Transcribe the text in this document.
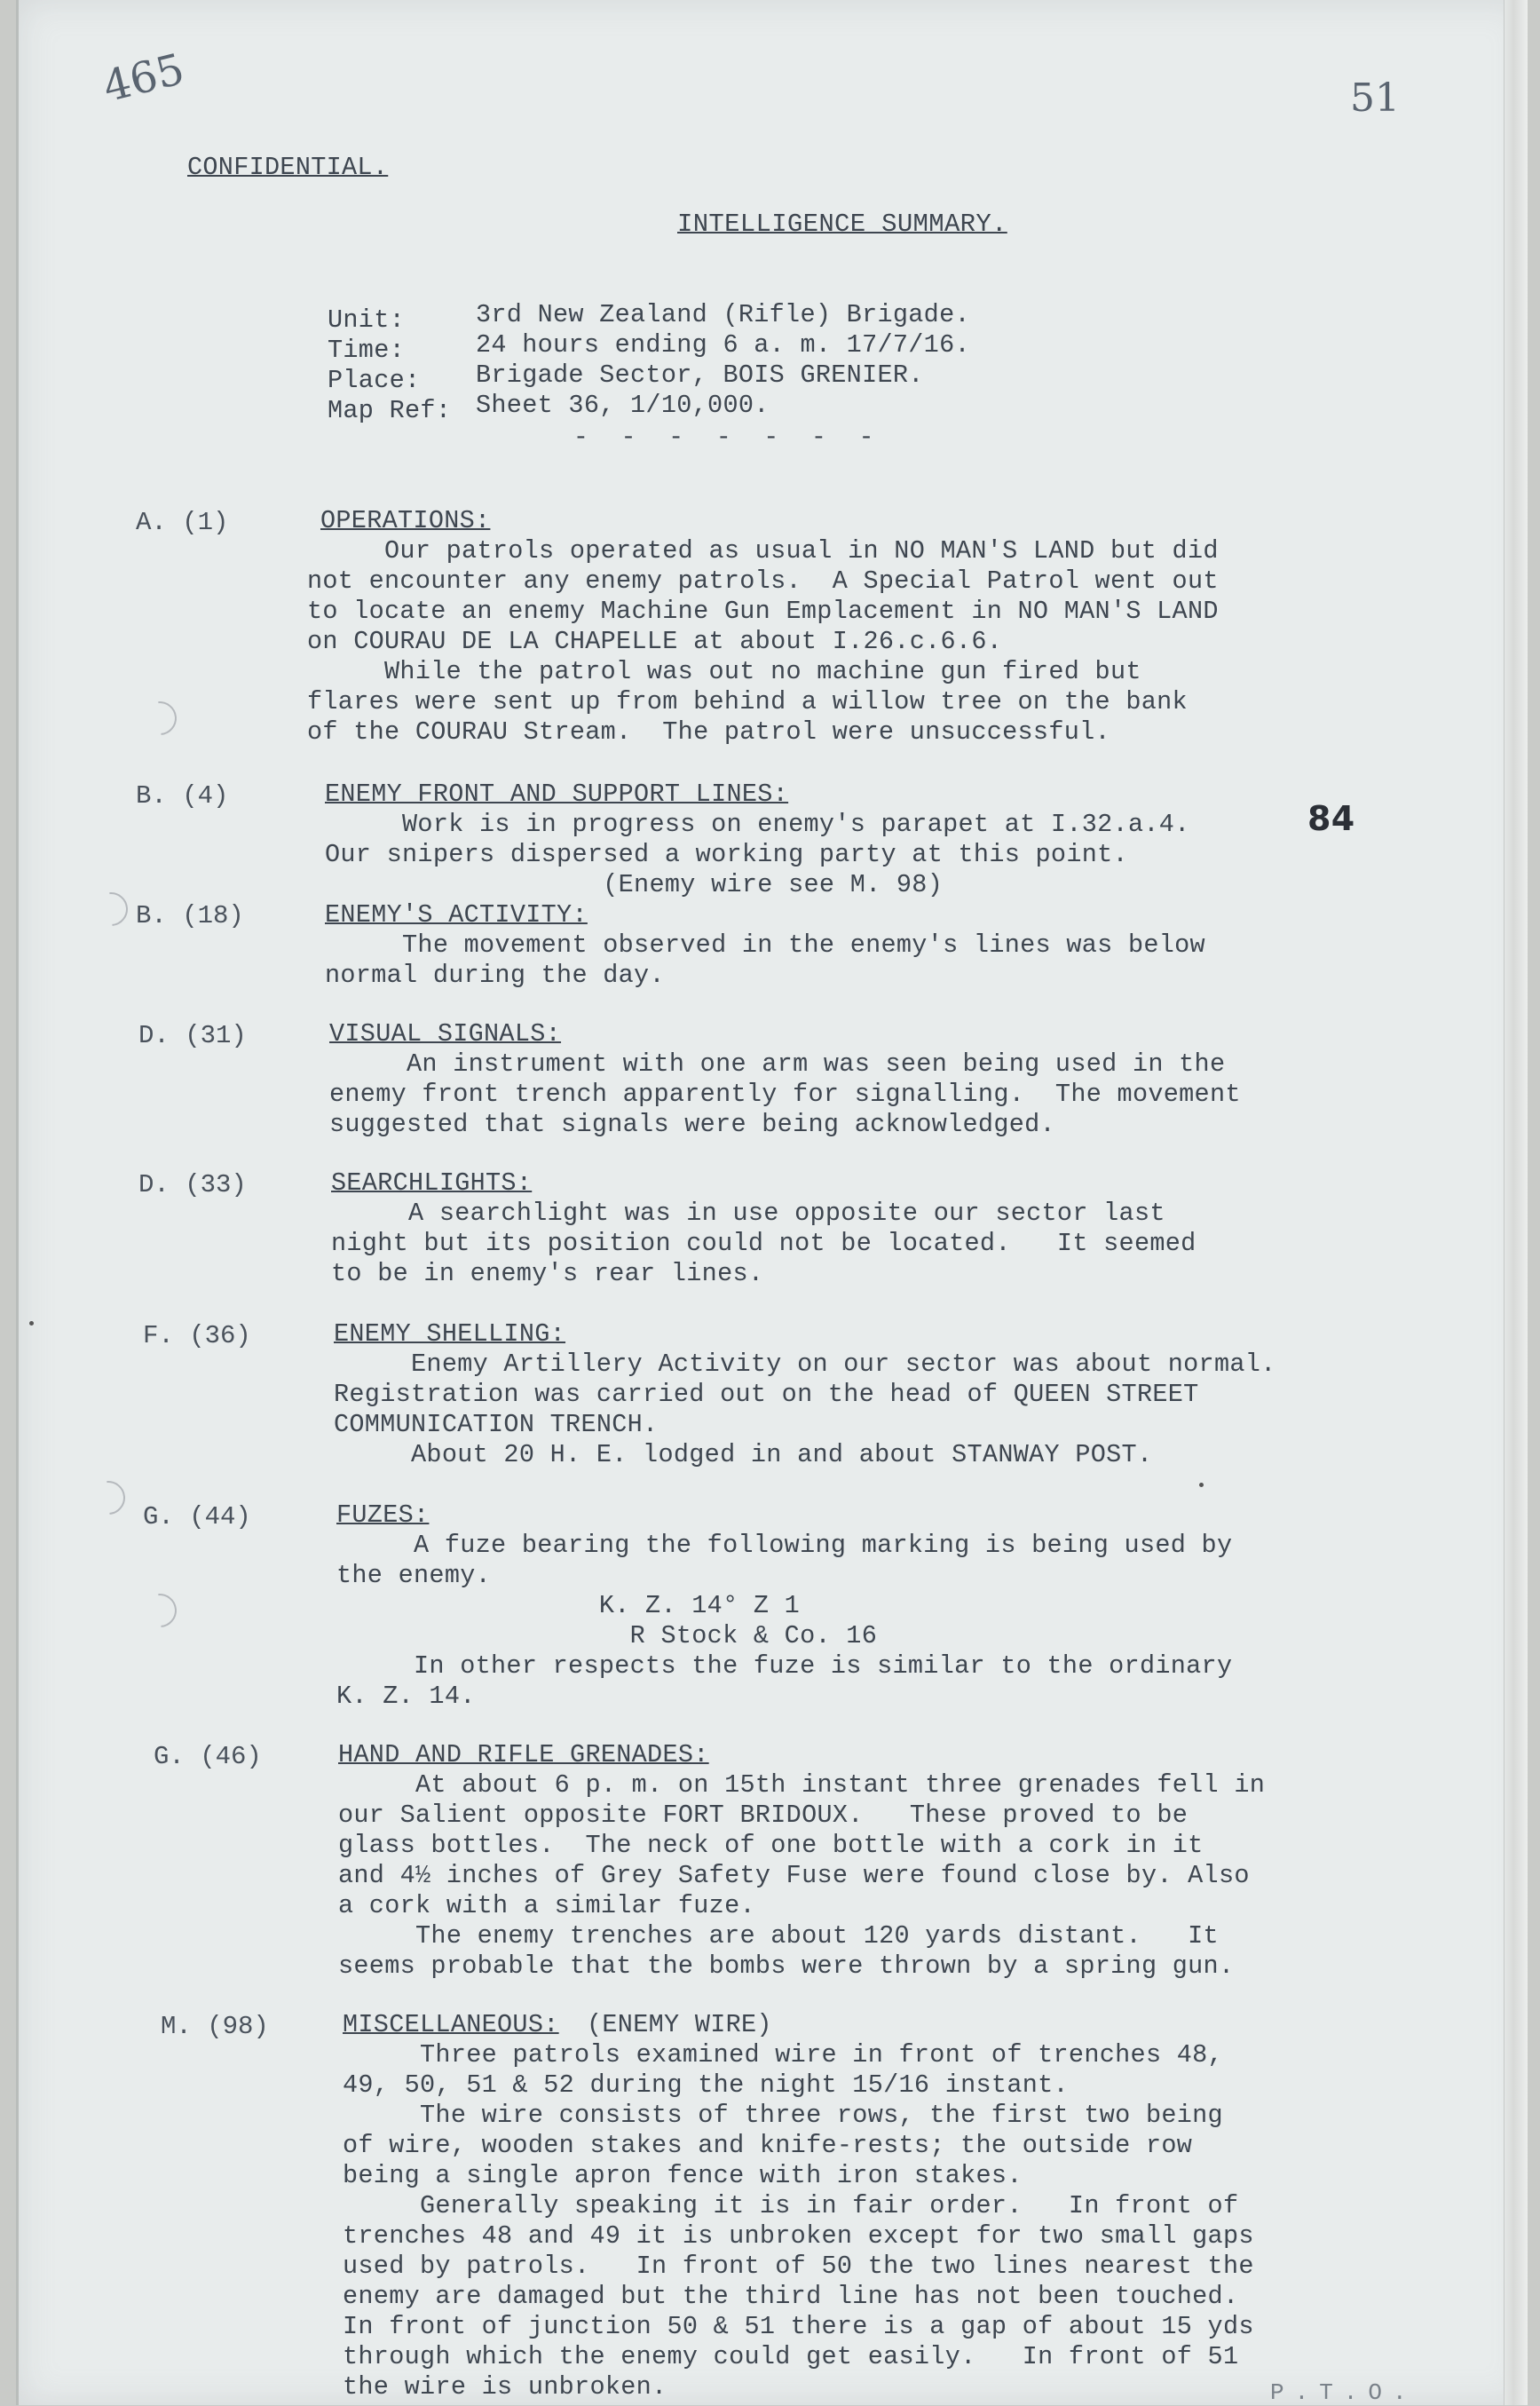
465	51
CONFIDENTIAL.
INTELLIGENCE SUMMARY.
Unit:	3rd New Zealand (Rifle) Brigade.
Time:	24 hours ending 6 a. m. 17/7/16.
Place: Brigade Sector, BOIS GRENIER.
Map Ref: Sheet 36, 1/10,000.
- - - - - - -
A. (1)	OPERATIONS:
Our patrols operated as usual in NO MAN'S LAND but did
not encounter any enemy patrols.  A Special Patrol went out
to locate an enemy Machine Gun Emplacement in NO MAN'S LAND
on COURAU DE LA CHAPELLE at about I.26.c.6.6.
While the patrol was out no machine gun fired but
flares were sent up from behind a willow tree on the bank
of the COURAU Stream.  The patrol were unsuccessful.
B. (4)	ENEMY FRONT AND SUPPORT LINES:
Work is in progress on enemy's parapet at I.32.a.4.	84
Our snipers dispersed a working party at this point.
(Enemy wire see M. 98)
B. (18)	ENEMY'S ACTIVITY:
The movement observed in the enemy's lines was below
normal during the day.
D. (31)	VISUAL SIGNALS:
An instrument with one arm was seen being used in the
enemy front trench apparently for signalling.  The movement
suggested that signals were being acknowledged.
D. (33)	SEARCHLIGHTS:
A searchlight was in use opposite our sector last
night but its position could not be located.   It seemed
to be in enemy's rear lines.
F. (36)	ENEMY SHELLING:
Enemy Artillery Activity on our sector was about normal.
Registration was carried out on the head of QUEEN STREET
COMMUNICATION TRENCH.
About 20 H. E. lodged in and about STANWAY POST.
G. (44)	FUZES:
A fuze bearing the following marking is being used by
the enemy.
K. Z. 14° Z 1
R Stock & Co. 16
In other respects the fuze is similar to the ordinary
K. Z. 14.
G. (46)	HAND AND RIFLE GRENADES:
At about 6 p. m. on 15th instant three grenades fell in
our Salient opposite FORT BRIDOUX.   These proved to be
glass bottles.  The neck of one bottle with a cork in it
and 4½ inches of Grey Safety Fuse were found close by. Also
a cork with a similar fuze.
The enemy trenches are about 120 yards distant.   It
seems probable that the bombs were thrown by a spring gun.
M. (98)	MISCELLANEOUS: (ENEMY WIRE)
Three patrols examined wire in front of trenches 48,
49, 50, 51 & 52 during the night 15/16 instant.
The wire consists of three rows, the first two being
of wire, wooden stakes and knife-rests; the outside row
being a single apron fence with iron stakes.
Generally speaking it is in fair order.   In front of
trenches 48 and 49 it is unbroken except for two small gaps
used by patrols.   In front of 50 the two lines nearest the
enemy are damaged but the third line has not been touched.
In front of junction 50 & 51 there is a gap of about 15 yds
through which the enemy could get easily.   In front of 51
the wire is unbroken.	P.T.O.
